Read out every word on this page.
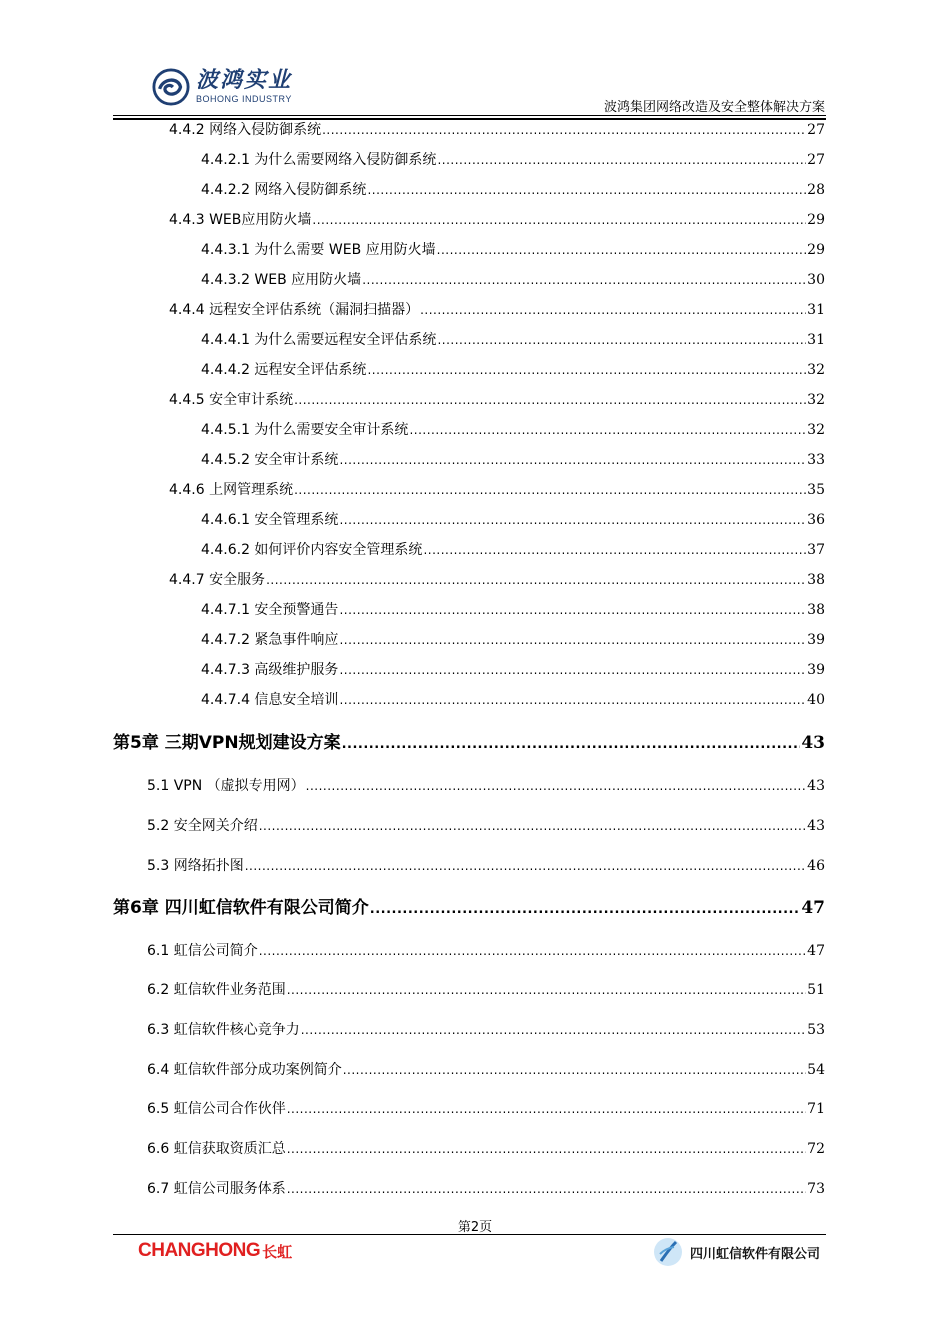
波鸿实业
BOHONG INDUSTRY
波鸿集团网络改造及安全整体解决方案
4.4.2 网络入侵防御系统 .....	27
4.4.2.1 为什么需要网络入侵防御系统 .....	27
4.4.2.2 网络入侵防御系统 .....	28
4.4.3 WEB应用防火墙 .....	29
4.4.3.1 为什么需要 WEB 应用防火墙 .....	29
4.4.3.2 WEB 应用防火墙 .....	30
4.4.4 远程安全评估系统（漏洞扫描器） .....	31
4.4.4.1 为什么需要远程安全评估系统 .....	31
4.4.4.2 远程安全评估系统 .....	32
4.4.5 安全审计系统 .....	32
4.4.5.1 为什么需要安全审计系统 .....	32
4.4.5.2 安全审计系统 .....	33
4.4.6 上网管理系统 .....	35
4.4.6.1 安全管理系统 .....	36
4.4.6.2 如何评价内容安全管理系统 .....	37
4.4.7 安全服务 .....	38
4.4.7.1 安全预警通告 .....	38
4.4.7.2 紧急事件响应 .....	39
4.4.7.3 高级维护服务 .....	39
4.4.7.4 信息安全培训 .....	40
第5章 三期VPN规划建设方案 .....	43
5.1 VPN （虚拟专用网） .....	43
5.2 安全网关介绍 .....	43
5.3 网络拓扑图 .....	46
第6章 四川虹信软件有限公司简介 .....	47
6.1 虹信公司简介 .....	47
6.2 虹信软件业务范围 .....	51
6.3 虹信软件核心竞争力 .....	53
6.4 虹信软件部分成功案例简介 .....	54
6.5 虹信公司合作伙伴 .....	71
6.6 虹信获取资质汇总 .....	72
6.7 虹信公司服务体系 .....	73
第2页
CHANGHONG 长虹	四川虹信软件有限公司
